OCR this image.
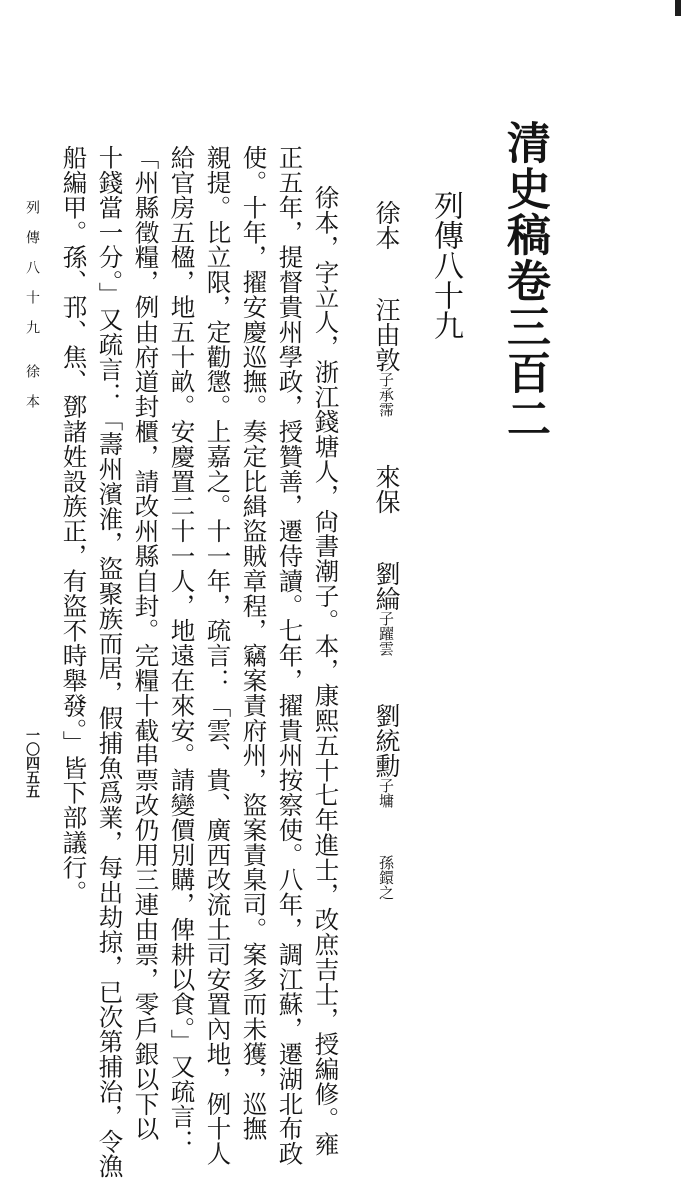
清史稿卷三百二
列傳八十九
徐本 汪由敦子承霈 來保 劉綸子躍雲 劉統勳子墉 孫鐶之
徐本，字立人，浙江錢塘人，尙書潮子。本，康熙五十七年進士，改庶吉士，授編修。雍
正五年，提督貴州學政，授贊善，遷侍讀。七年，擢貴州按察使。八年，調江蘇，遷湖北布政
使。十年，擢安慶巡撫。奏定比緝盜賊章程，竊案責府州，盜案責臬司。案多而未獲，巡撫
親提。比立限，定勸懲。上嘉之。十一年，疏言：「雲、貴、廣西改流土司安置內地，例十人
給官房五楹，地五十畝。安慶置二十一人，地遠在來安。請變價別購，俾耕以食。」又疏言：
「州縣徵糧，例由府道封櫃，請改州縣自封。完糧十截串票改仍用三連由票，零戶銀以下以
十錢當一分。」又疏言：「壽州濱淮，盜聚族而居，假捕魚爲業，每出劫掠，已次第捕治，令漁
列 傳 八 十 九　 徐 本
一〇四五五 船編甲。孫、邘、焦、鄧諸姓設族正，有盜不時舉發。」皆下部議行。
